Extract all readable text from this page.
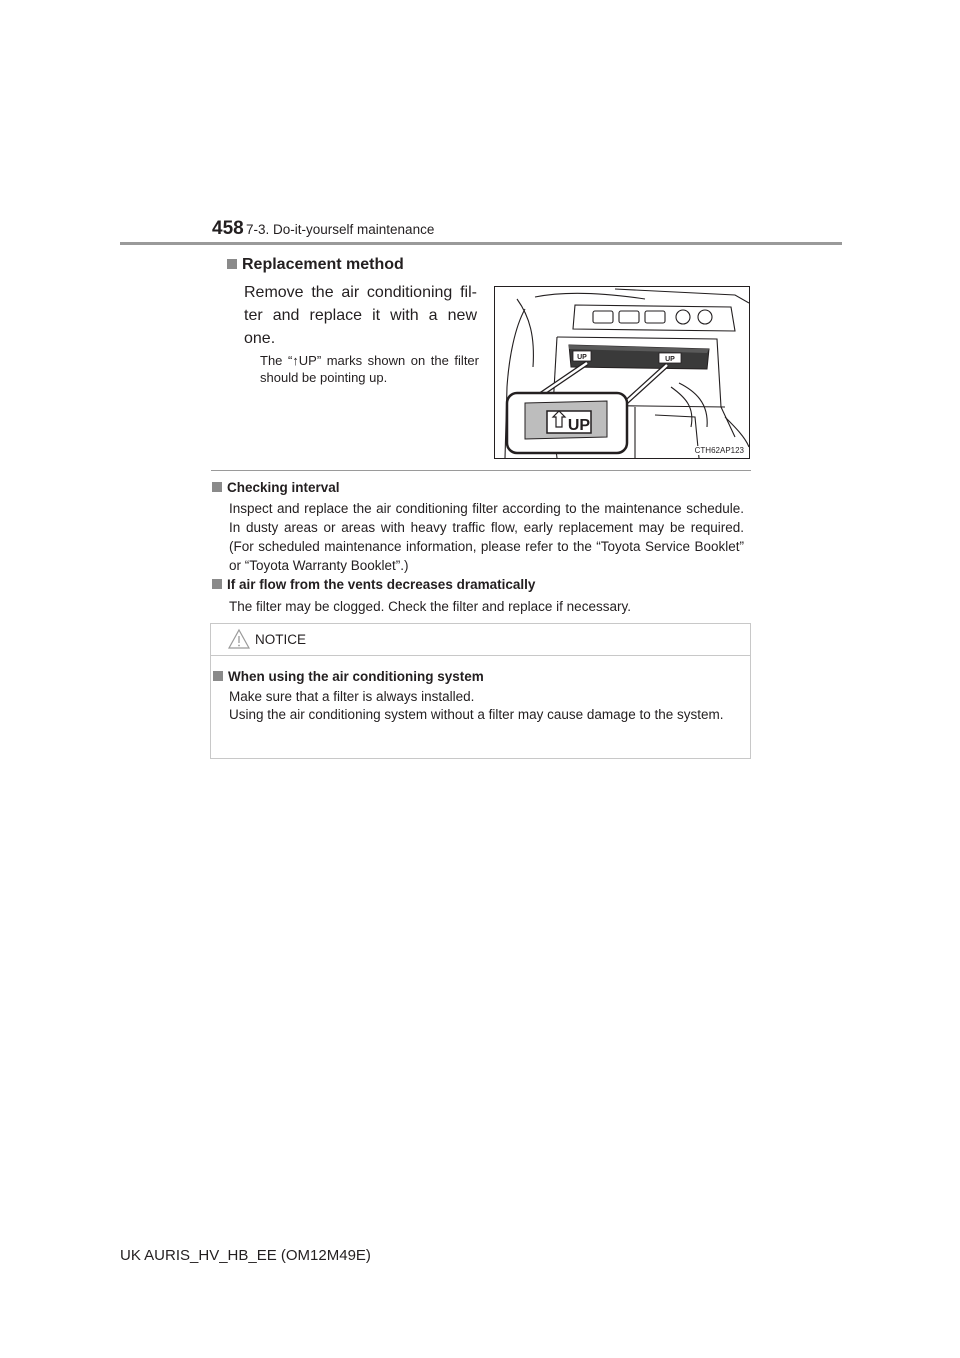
458 7-3. Do-it-yourself maintenance
Replacement method
Remove the air conditioning fil-ter and replace it with a new one.
The “↑UP” marks shown on the filter should be pointing up.
UP	UP
UP
CTH62AP123
Checking interval
Inspect and replace the air conditioning filter according to the maintenance schedule. In dusty areas or areas with heavy traffic flow, early replacement may be required. (For scheduled maintenance information, please refer to the “Toyota Service Booklet” or “Toyota Warranty Booklet”.)
If air flow from the vents decreases dramatically
The filter may be clogged. Check the filter and replace if necessary.
NOTICE
When using the air conditioning system
Make sure that a filter is always installed.
Using the air conditioning system without a filter may cause damage to the system.
UK AURIS_HV_HB_EE (OM12M49E)
